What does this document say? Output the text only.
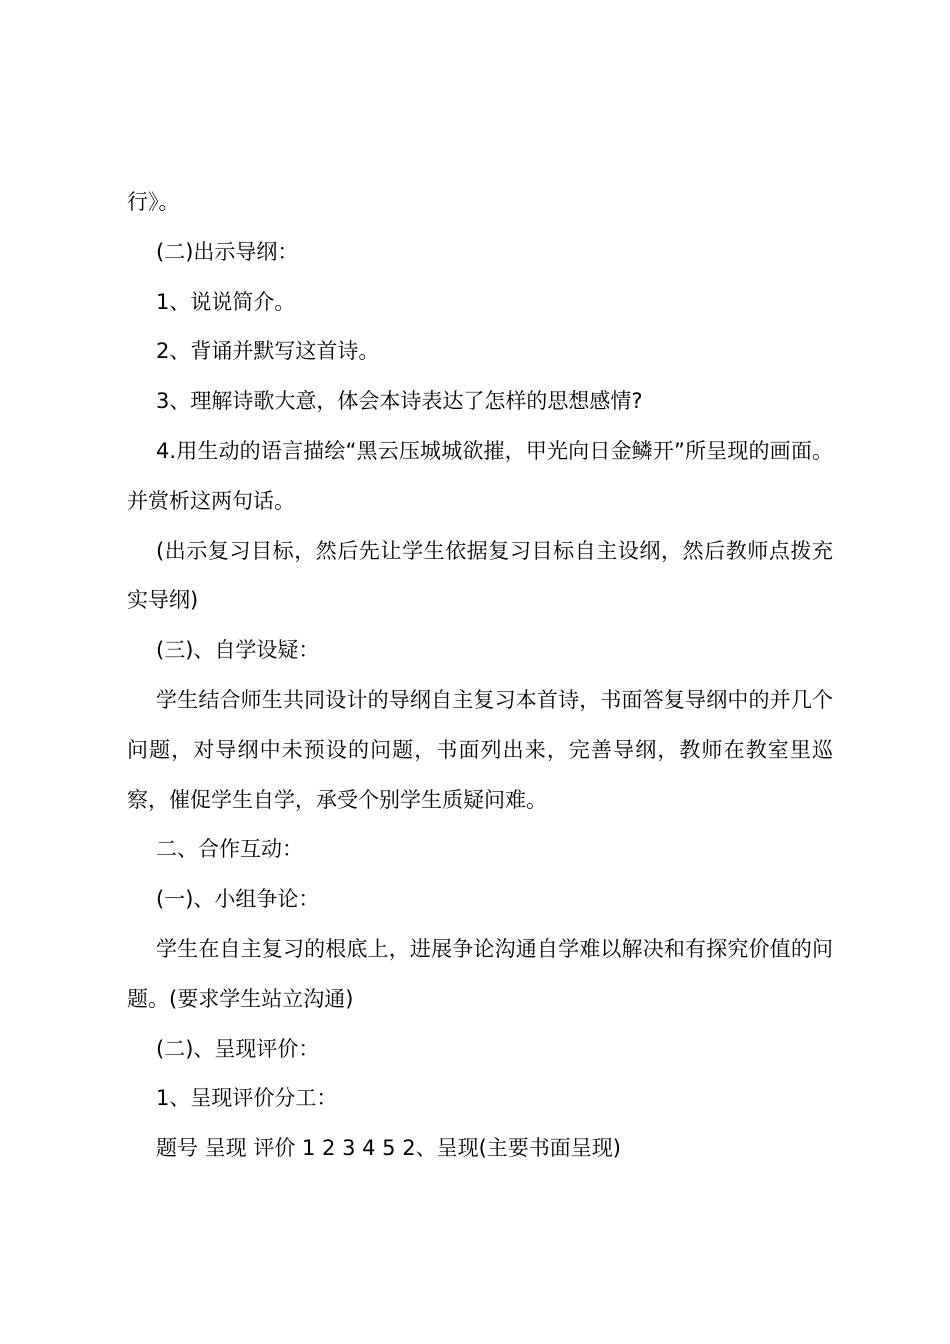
行》。

(二)出示导纲：

1、说说简介。

2、背诵并默写这首诗。

3、理解诗歌大意，体会本诗表达了怎样的思想感情?

4.用生动的语言描绘“黑云压城城欲摧，甲光向日金鳞开”所呈现的画面。并赏析这两句话。

(出示复习目标，然后先让学生依据复习目标自主设纲，然后教师点拨充实导纲)

(三)、自学设疑：

学生结合师生共同设计的导纲自主复习本首诗，书面答复导纲中的并几个问题，对导纲中未预设的问题，书面列出来，完善导纲，教师在教室里巡察，催促学生自学，承受个别学生质疑问难。

二、合作互动：

(一)、小组争论：

学生在自主复习的根底上，进展争论沟通自学难以解决和有探究价值的问题。(要求学生站立沟通)

(二)、呈现评价：

1、呈现评价分工：

题号 呈现 评价 1 2 3 4 5 2、呈现(主要书面呈现)
